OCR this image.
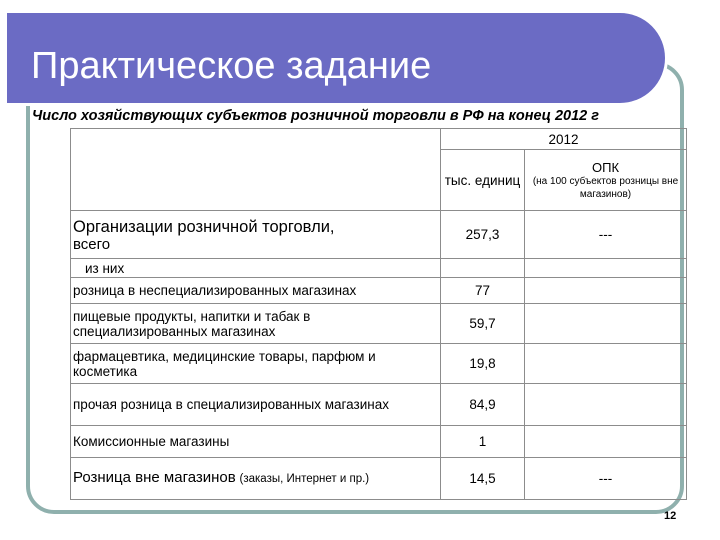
Практическое задание
Число хозяйствующих субъектов розничной торговли в РФ на конец 2012 г
	2012	
	тыс. единиц	ОПК
(на 100 субъектов розницы вне магазинов)

Организации розничной торговли,
всего	257,3	---
из них		
розница в неспециализированных магазинах	77	
пищевые продукты, напитки и табак в специализированных магазинах	59,7	
фармацевтика, медицинские товары, парфюм и косметика	19,8	
прочая розница в специализированных магазинах	84,9	
Комиссионные магазины	1	
Розница вне магазинов (заказы, Интернет и пр.)	14,5	---
12
